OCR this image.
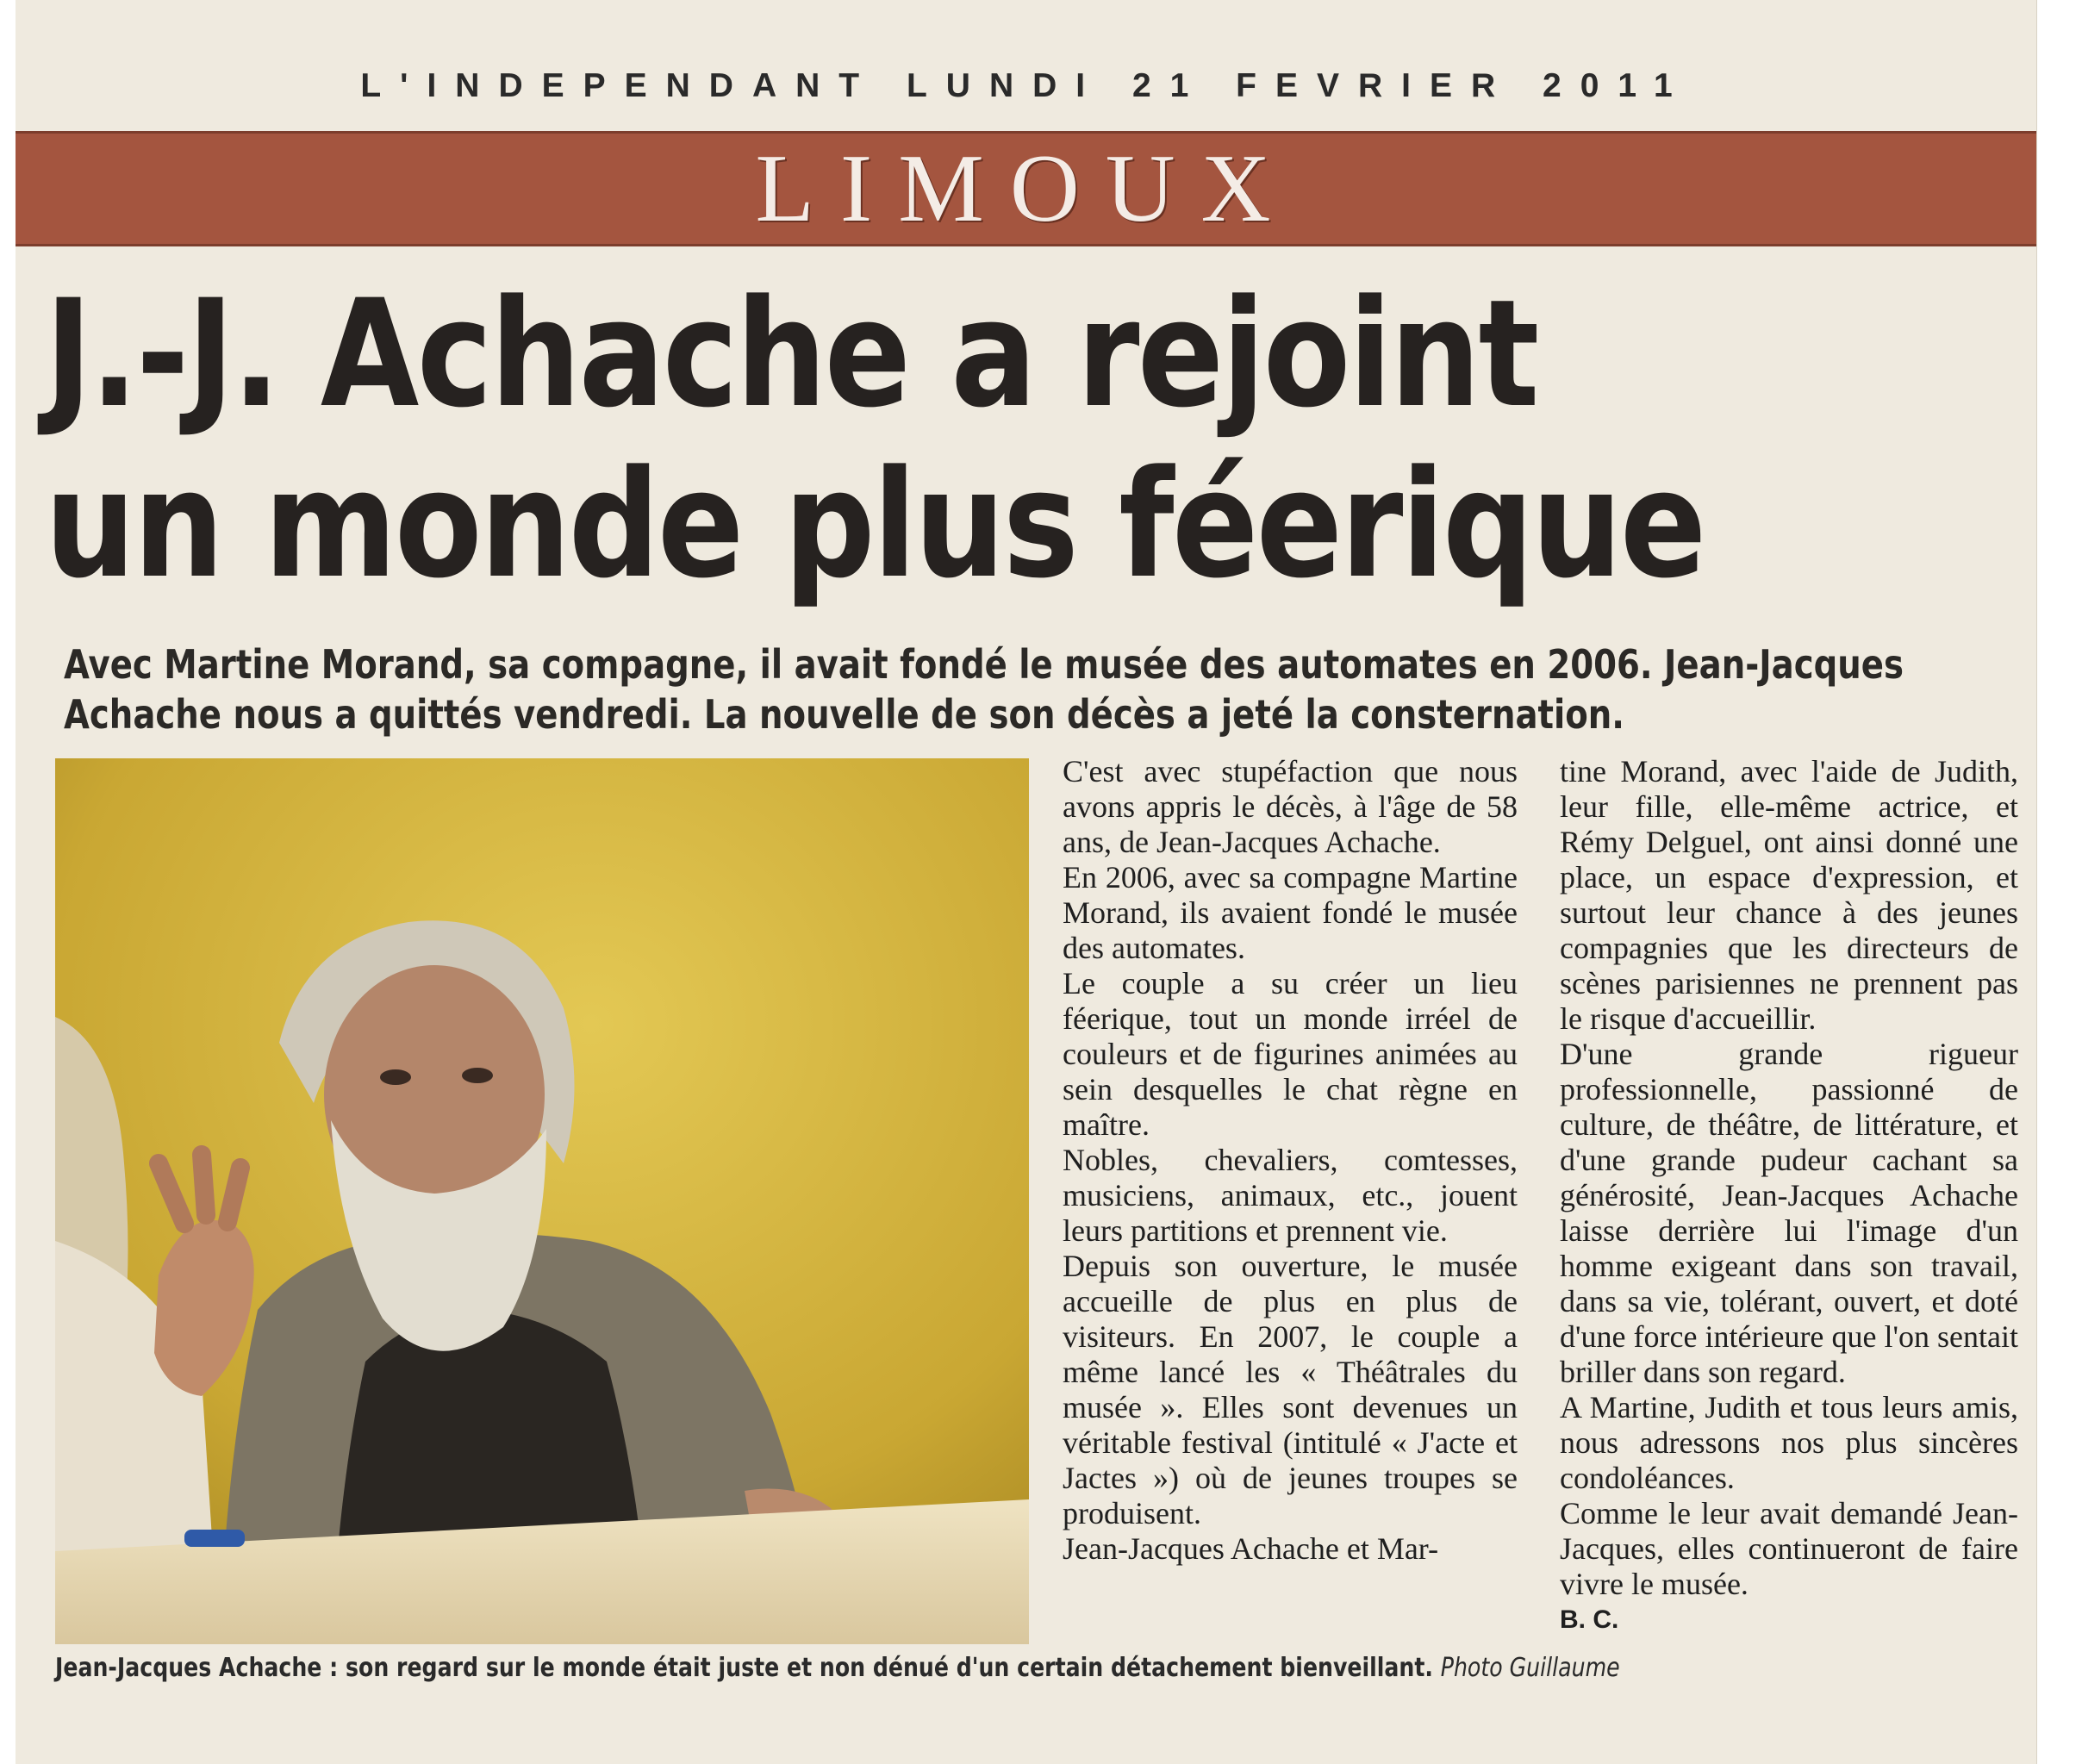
L'INDEPENDANT LUNDI 21 FEVRIER 2011
LIMOUX
J.-J. Achache a rejoint
un monde plus féerique
Avec Martine Morand, sa compagne, il avait fondé le musée des automates en 2006. Jean-Jacques
Achache nous a quittés vendredi. La nouvelle de son décès a jeté la consternation.
Jean-Jacques Achache : son regard sur le monde était juste et non dénué d'un certain détachement bienveillant. Photo Guillaume

C'est avec stupéfaction que nous avons appris le décès, à l'âge de 58 ans, de Jean-Jacques Achache.

En 2006, avec sa compagne Martine Morand, ils avaient fondé le musée des automates.

Le couple a su créer un lieu féerique, tout un monde irréel de couleurs et de figurines animées au sein desquelles le chat règne en maître.

Nobles, chevaliers, comtesses, musiciens, animaux, etc., jouent leurs partitions et prennent vie.

Depuis son ouverture, le musée accueille de plus en plus de visiteurs. En 2007, le couple a même lancé les « Théâtrales du musée ». Elles sont devenues un véritable festival (intitulé « J'acte et Jactes ») où de jeunes troupes se produisent.

Jean-Jacques Achache et Mar-

tine Morand, avec l'aide de Judith, leur fille, elle-même actrice, et Rémy Delguel, ont ainsi donné une place, un espace d'expression, et surtout leur chance à des jeunes compagnies que les directeurs de scènes parisiennes ne prennent pas le risque d'accueillir.

D'une grande rigueur professionnelle, passionné de culture, de théâtre, de littérature, et d'une grande pudeur cachant sa générosité, Jean-Jacques Achache laisse derrière lui l'image d'un homme exigeant dans son travail, dans sa vie, tolérant, ouvert, et doté d'une force intérieure que l'on sentait briller dans son regard.

A Martine, Judith et tous leurs amis, nous adressons nos plus sincères condoléances.

Comme le leur avait demandé Jean-Jacques, elles continueront de faire vivre le musée.

B. C.
